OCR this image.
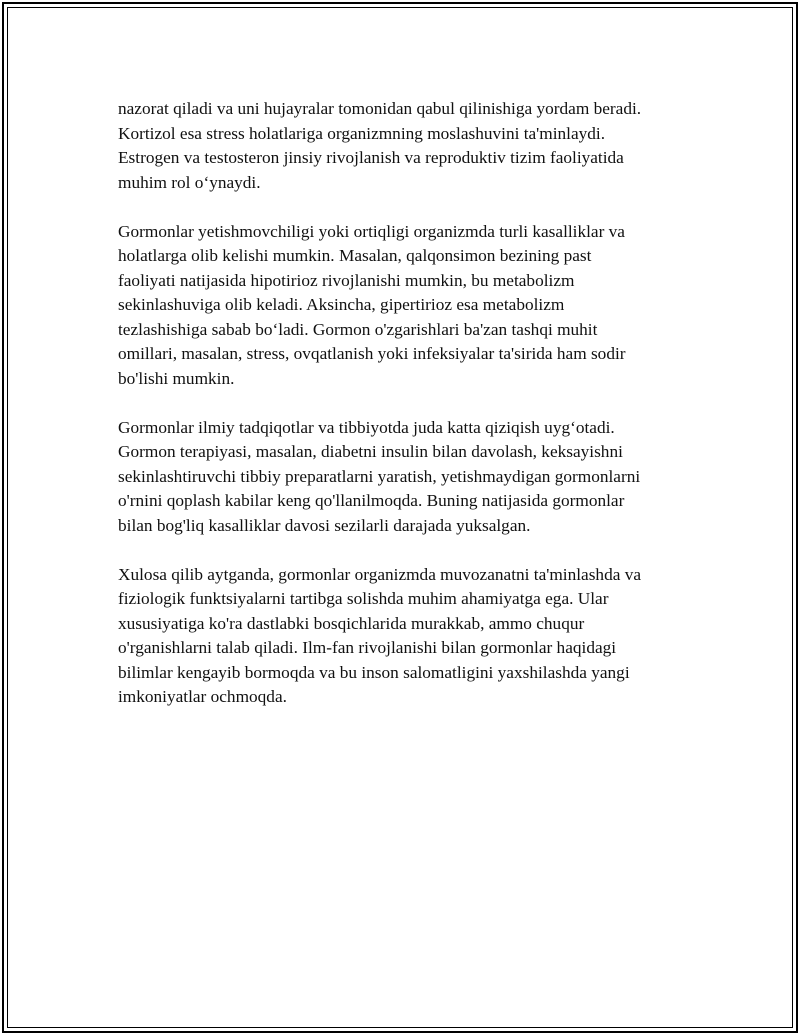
nazorat qiladi va uni hujayralar tomonidan qabul qilinishiga yordam beradi.
Kortizol esa stress holatlariga organizmning moslashuvini ta'minlaydi.
Estrogen va testosteron jinsiy rivojlanish va reproduktiv tizim faoliyatida
muhim rol o‘ynaydi.

Gormonlar yetishmovchiligi yoki ortiqligi organizmda turli kasalliklar va
holatlarga olib kelishi mumkin. Masalan, qalqonsimon bezining past
faoliyati natijasida hipotirioz rivojlanishi mumkin, bu metabolizm
sekinlashuviga olib keladi. Aksincha, gipertirioz esa metabolizm
tezlashishiga sabab bo‘ladi. Gormon o'zgarishlari ba'zan tashqi muhit
omillari, masalan, stress, ovqatlanish yoki infeksiyalar ta'sirida ham sodir
bo'lishi mumkin.

Gormonlar ilmiy tadqiqotlar va tibbiyotda juda katta qiziqish uyg‘otadi.
Gormon terapiyasi, masalan, diabetni insulin bilan davolash, keksayishni
sekinlashtiruvchi tibbiy preparatlarni yaratish, yetishmaydigan gormonlarni
o'rnini qoplash kabilar keng qo'llanilmoqda. Buning natijasida gormonlar
bilan bog'liq kasalliklar davosi sezilarli darajada yuksalgan.

Xulosa qilib aytganda, gormonlar organizmda muvozanatni ta'minlashda va
fiziologik funktsiyalarni tartibga solishda muhim ahamiyatga ega. Ular
xususiyatiga ko'ra dastlabki bosqichlarida murakkab, ammo chuqur
o'rganishlarni talab qiladi. Ilm-fan rivojlanishi bilan gormonlar haqidagi
bilimlar kengayib bormoqda va bu inson salomatligini yaxshilashda yangi
imkoniyatlar ochmoqda.
